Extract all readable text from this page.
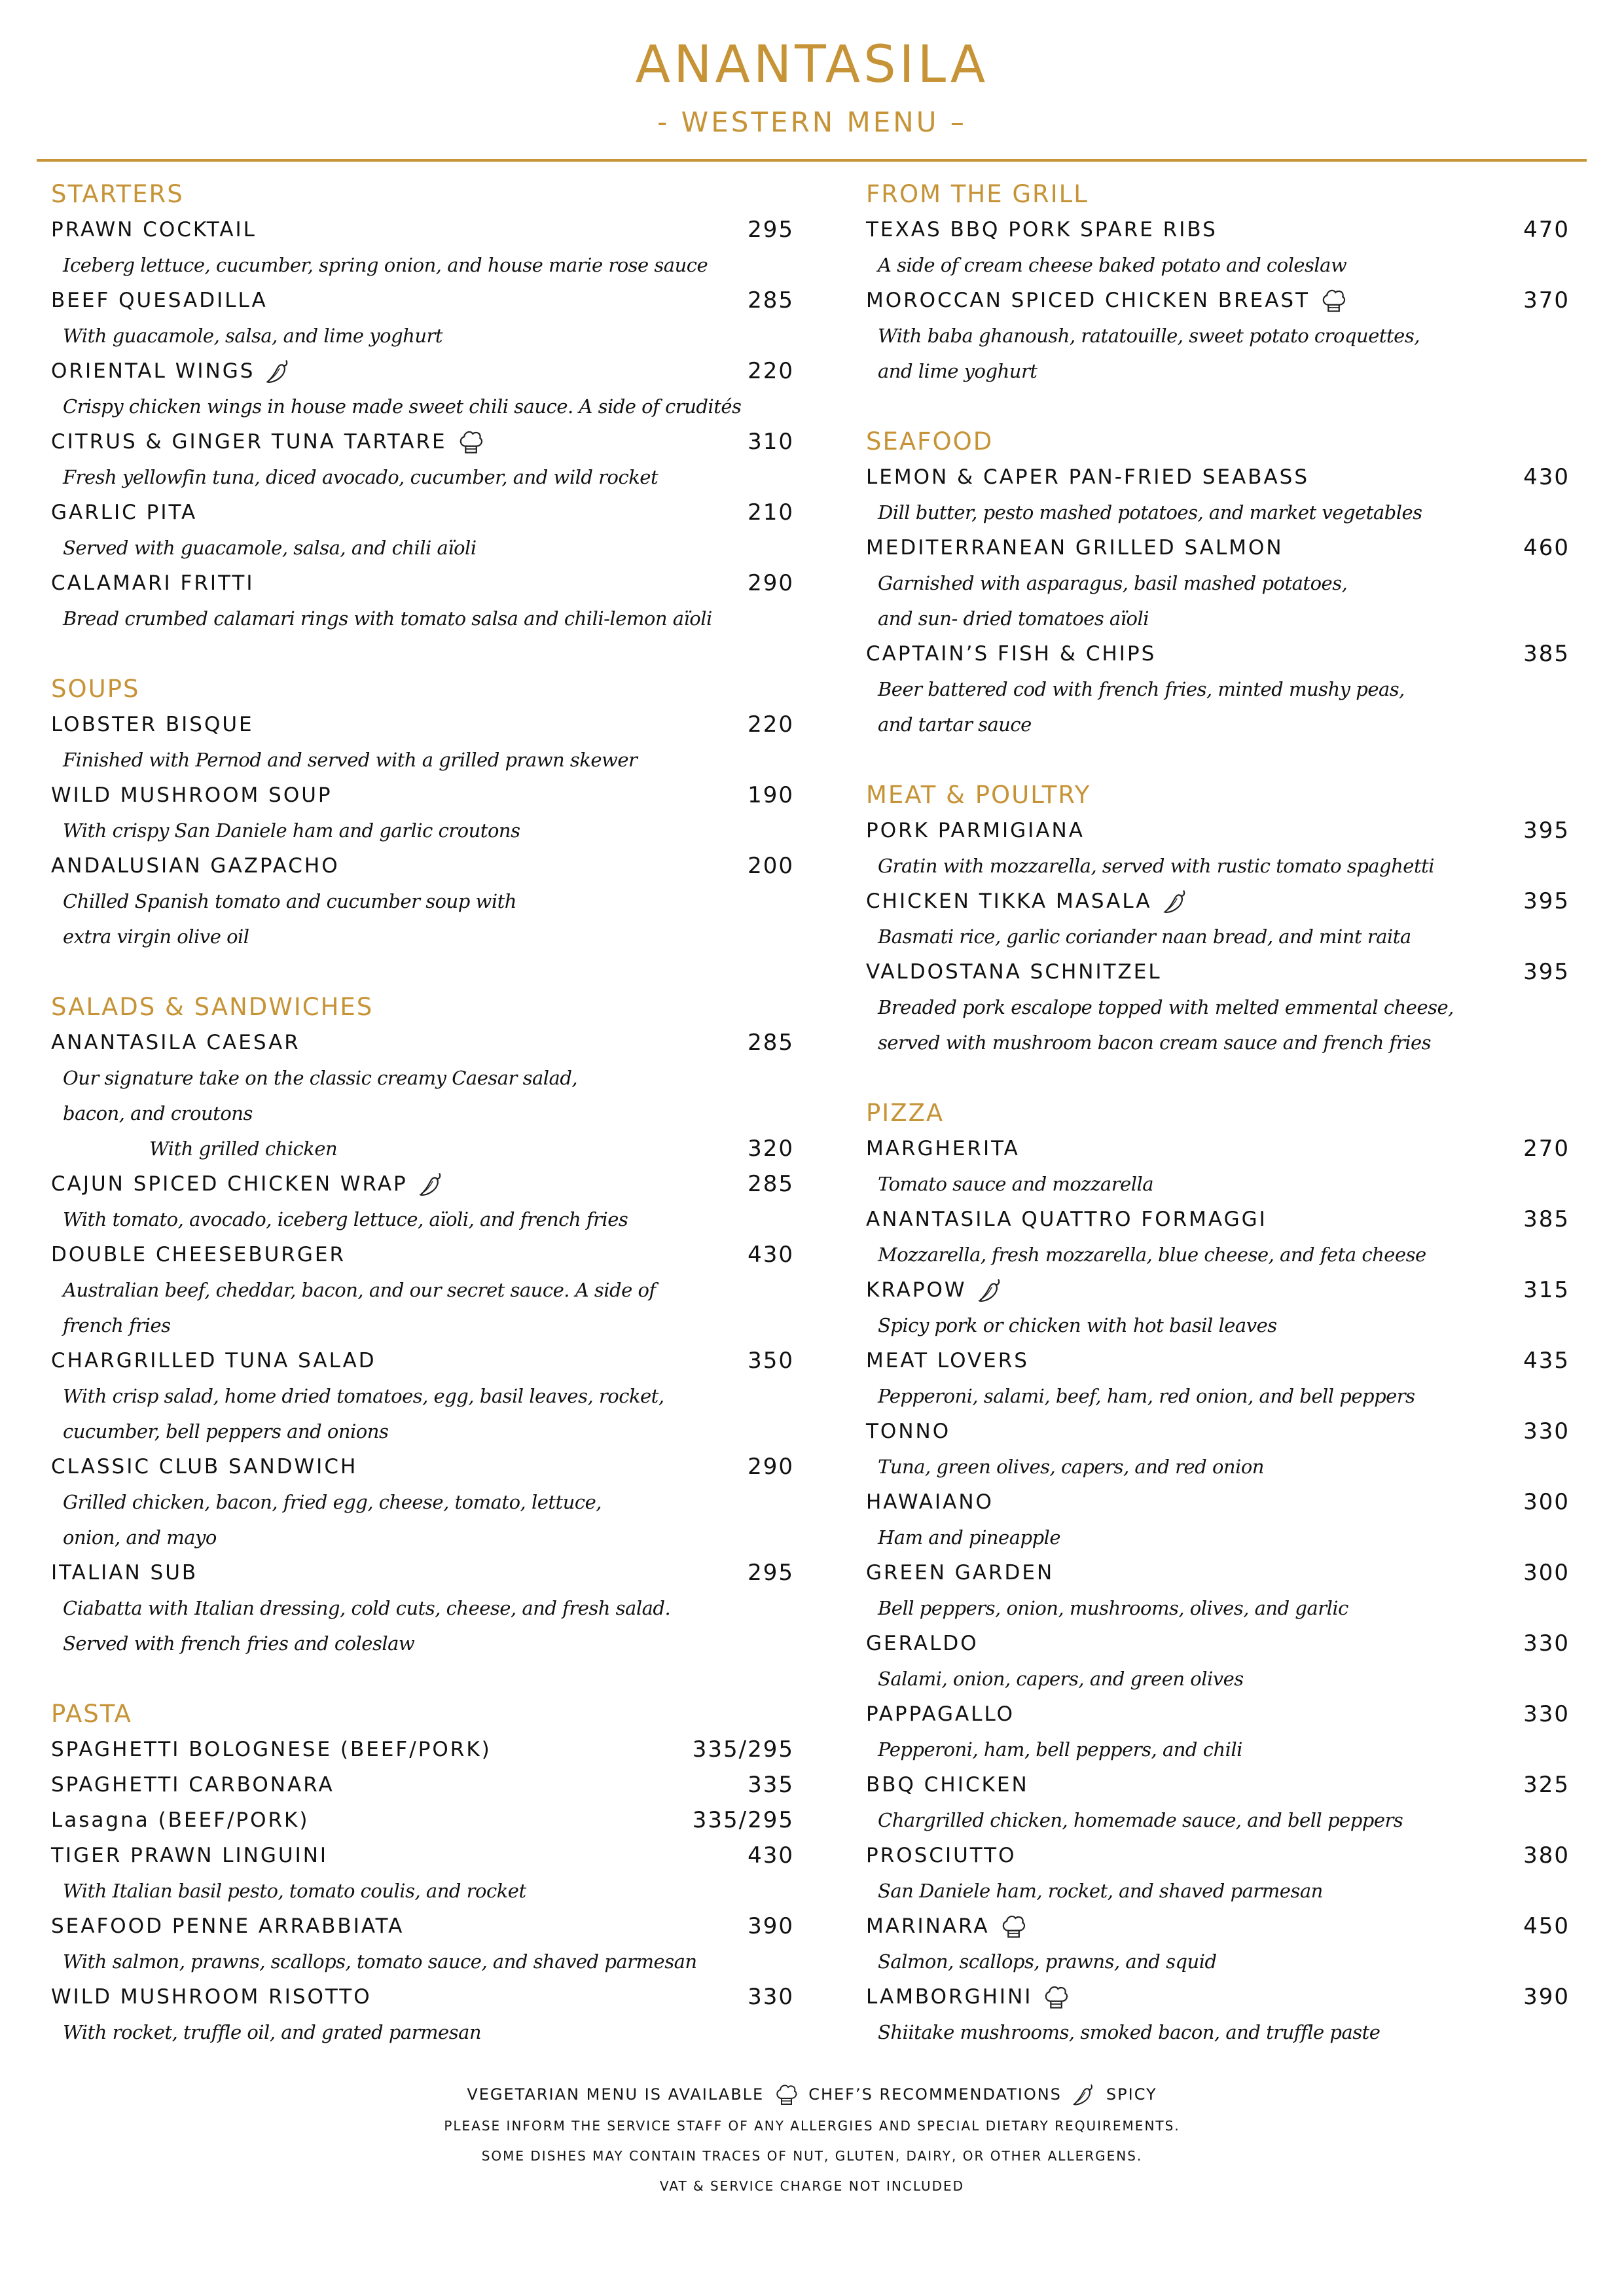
ANANTASILA
- WESTERN MENU –
STARTERS
PRAWN COCKTAIL	295
Iceberg lettuce, cucumber, spring onion, and house marie rose sauce
BEEF QUESADILLA	285
With guacamole, salsa, and lime yoghurt
ORIENTAL WINGS	220
Crispy chicken wings in house made sweet chili sauce. A side of crudités
CITRUS & GINGER TUNA TARTARE	310
Fresh yellowfin tuna, diced avocado, cucumber, and wild rocket
GARLIC PITA	210
Served with guacamole, salsa, and chili aïoli
CALAMARI FRITTI	290
Bread crumbed calamari rings with tomato salsa and chili-lemon aïoli
SOUPS
LOBSTER BISQUE	220
Finished with Pernod and served with a grilled prawn skewer
WILD MUSHROOM SOUP	190
With crispy San Daniele ham and garlic croutons
ANDALUSIAN GAZPACHO	200
Chilled Spanish tomato and cucumber soup with
extra virgin olive oil
SALADS & SANDWICHES
ANANTASILA CAESAR	285
Our signature take on the classic creamy Caesar salad,
bacon, and croutons
With grilled chicken	320
CAJUN SPICED CHICKEN WRAP	285
With tomato, avocado, iceberg lettuce, aïoli, and french fries
DOUBLE CHEESEBURGER	430
Australian beef, cheddar, bacon, and our secret sauce. A side of
french fries
CHARGRILLED TUNA SALAD	350
With crisp salad, home dried tomatoes, egg, basil leaves, rocket,
cucumber, bell peppers and onions
CLASSIC CLUB SANDWICH	290
Grilled chicken, bacon, fried egg, cheese, tomato, lettuce,
onion, and mayo
ITALIAN SUB	295
Ciabatta with Italian dressing, cold cuts, cheese, and fresh salad.
Served with french fries and coleslaw
PASTA
SPAGHETTI BOLOGNESE (BEEF/PORK)	335/295
SPAGHETTI CARBONARA	335
Lasagna (BEEF/PORK)	335/295
TIGER PRAWN LINGUINI	430
With Italian basil pesto, tomato coulis, and rocket
SEAFOOD PENNE ARRABBIATA	390
With salmon, prawns, scallops, tomato sauce, and shaved parmesan
WILD MUSHROOM RISOTTO	330
With rocket, truffle oil, and grated parmesan
FROM THE GRILL
TEXAS BBQ PORK SPARE RIBS	470
A side of cream cheese baked potato and coleslaw
MOROCCAN SPICED CHICKEN BREAST	370
With baba ghanoush, ratatouille, sweet potato croquettes,
and lime yoghurt
SEAFOOD
LEMON & CAPER PAN-FRIED SEABASS	430
Dill butter, pesto mashed potatoes, and market vegetables
MEDITERRANEAN GRILLED SALMON	460
Garnished with asparagus, basil mashed potatoes,
and sun- dried tomatoes aïoli
CAPTAIN’S FISH & CHIPS	385
Beer battered cod with french fries, minted mushy peas,
and tartar sauce
MEAT & POULTRY
PORK PARMIGIANA	395
Gratin with mozzarella, served with rustic tomato spaghetti
CHICKEN TIKKA MASALA	395
Basmati rice, garlic coriander naan bread, and mint raita
VALDOSTANA SCHNITZEL	395
Breaded pork escalope topped with melted emmental cheese,
served with mushroom bacon cream sauce and french fries
PIZZA
MARGHERITA	270
Tomato sauce and mozzarella
ANANTASILA QUATTRO FORMAGGI	385
Mozzarella, fresh mozzarella, blue cheese, and feta cheese
KRAPOW	315
Spicy pork or chicken with hot basil leaves
MEAT LOVERS	435
Pepperoni, salami, beef, ham, red onion, and bell peppers
TONNO	330
Tuna, green olives, capers, and red onion
HAWAIANO	300
Ham and pineapple
GREEN GARDEN	300
Bell peppers, onion, mushrooms, olives, and garlic
GERALDO	330
Salami, onion, capers, and green olives
PAPPAGALLO	330
Pepperoni, ham, bell peppers, and chili
BBQ CHICKEN	325
Chargrilled chicken, homemade sauce, and bell peppers
PROSCIUTTO	380
San Daniele ham, rocket, and shaved parmesan
MARINARA	450
Salmon, scallops, prawns, and squid
LAMBORGHINI	390
Shiitake mushrooms, smoked bacon, and truffle paste
VEGETARIAN MENU IS AVAILABLE	CHEF’S RECOMMENDATIONS	SPICY
PLEASE INFORM THE SERVICE STAFF OF ANY ALLERGIES AND SPECIAL DIETARY REQUIREMENTS.
SOME DISHES MAY CONTAIN TRACES OF NUT, GLUTEN, DAIRY, OR OTHER ALLERGENS.
VAT & SERVICE CHARGE NOT INCLUDED
